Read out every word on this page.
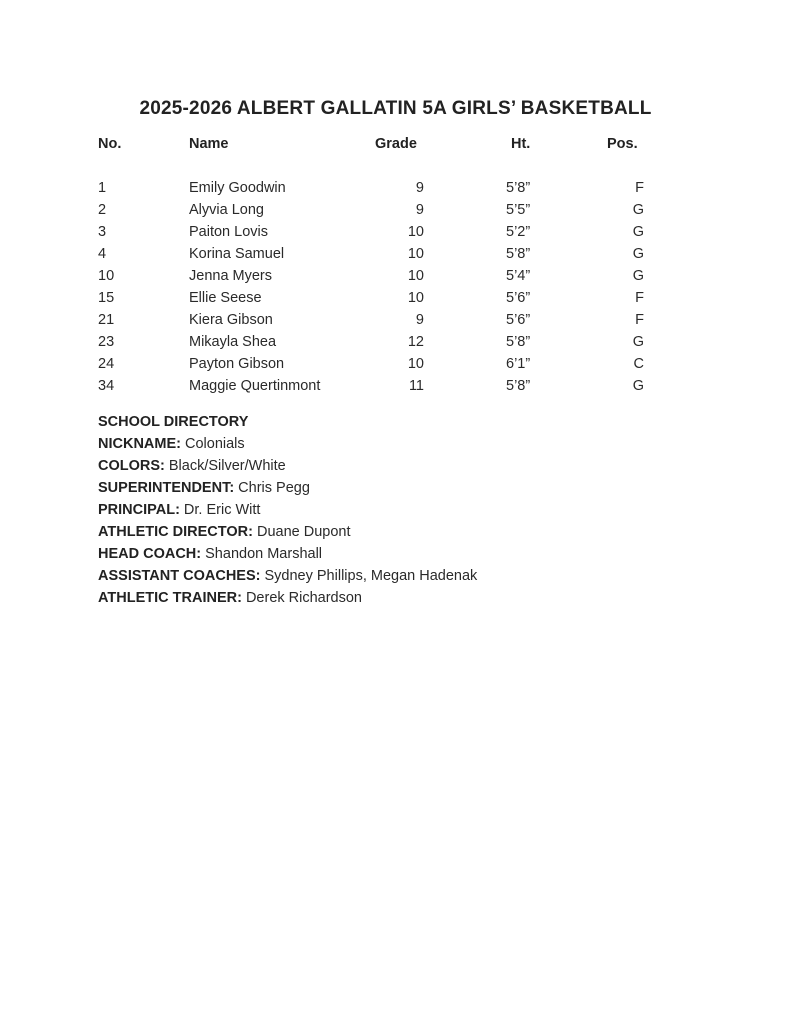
2025-2026 ALBERT GALLATIN 5A GIRLS’ BASKETBALL
No.	Name	Grade	Ht.	Pos.
1	Emily Goodwin	9	5’8”	F
2	Alyvia Long	9	5’5”	G
3	Paiton Lovis	10	5’2”	G
4	Korina Samuel	10	5’8”	G
10	Jenna Myers	10	5’4”	G
15	Ellie Seese	10	5’6”	F
21	Kiera Gibson	9	5’6”	F
23	Mikayla Shea	12	5’8”	G
24	Payton Gibson	10	6’1”	C
34	Maggie Quertinmont	11	5’8”	G
SCHOOL DIRECTORY
NICKNAME: Colonials
COLORS: Black/Silver/White
SUPERINTENDENT: Chris Pegg
PRINCIPAL: Dr. Eric Witt
ATHLETIC DIRECTOR: Duane Dupont
HEAD COACH: Shandon Marshall
ASSISTANT COACHES: Sydney Phillips, Megan Hadenak
ATHLETIC TRAINER: Derek Richardson
